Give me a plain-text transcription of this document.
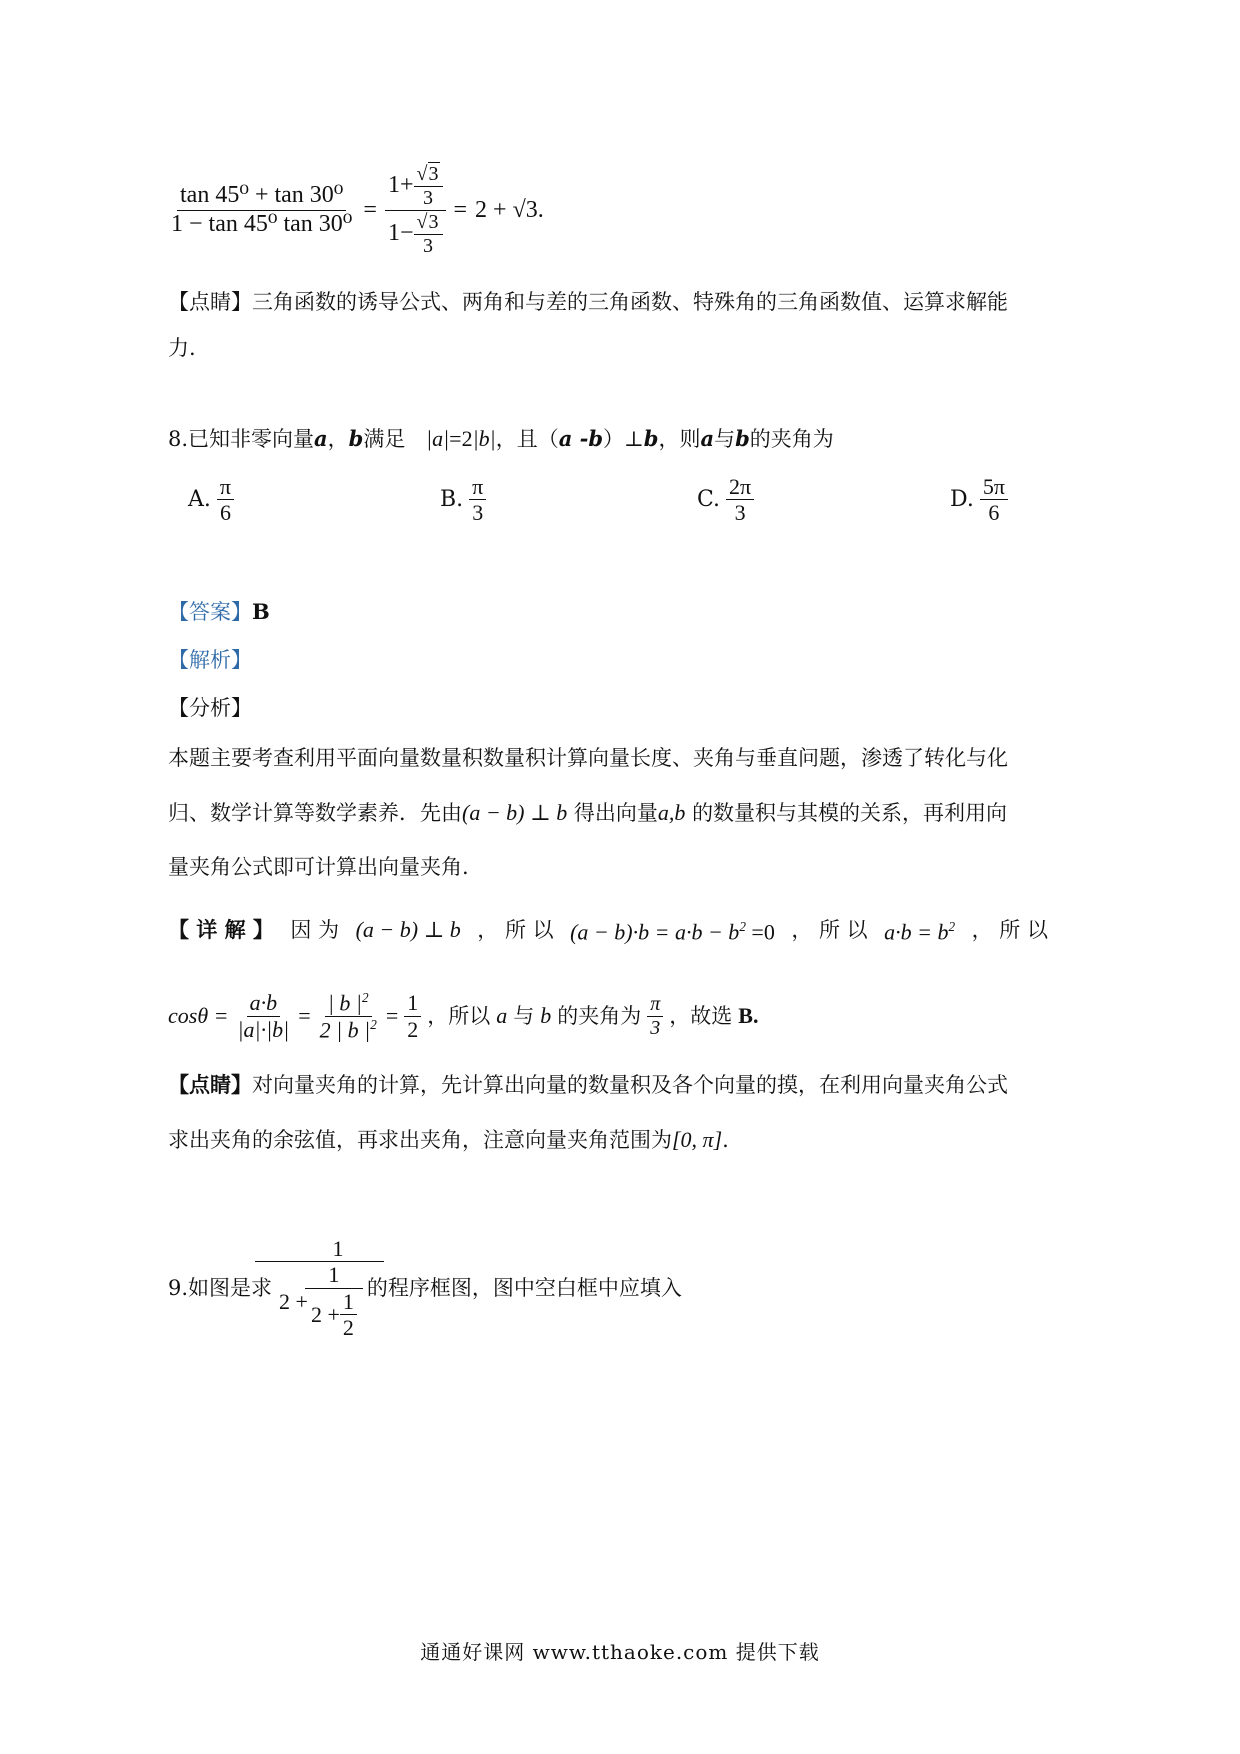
$\frac{\text{tan 45⁰ + tan 30⁰}}{\text{1 − tan 45⁰ tan 30⁰}} = \frac{1 + \frac{√3}{3}}{1 - \frac{√3}{3}} = 2 + √3$.
【点睛】三角函数的诱导公式、两角和与差的三角函数、特殊角的三角函数值、运算求解能
力.
8.已知非零向量a，b满足 |a|=2|b|，且（a -b）⊥b，则a与b的夹角为
A. $\frac{\pi}{6}$	B. $\frac{\pi}{3}$	C. $\frac{2\pi}{3}$	D. $\frac{5\pi}{6}$
【答案】B
【解析】
【分析】
本题主要考查利用平面向量数量积数量积计算向量长度、夹角与垂直问题，渗透了转化与化
归、数学计算等数学素养．先由(a − b) ⊥ b 得出向量a,b 的数量积与其模的关系，再利用向
量夹角公式即可计算出向量夹角.
【 详 解 】 因 为 (a − b) ⊥ b ， 所 以 $(a - b)\cdot b = a\cdot b - b^2 =0$ ， 所 以 $a\cdot b = b^2$ ， 所 以
$\cos\theta = \frac{a\cdot b}{|a|\cdot|b|} = \frac{| b |^2}{2 | b |^2} = \frac{1}{2}$ ，所以 a 与 b 的夹角为 $\frac{\pi}{3}$ ，故选 B.
【点睛】对向量夹角的计算，先计算出向量的数量积及各个向量的摸，在利用向量夹角公式
求出夹角的余弦值，再求出夹角，注意向量夹角范围为[0, π].
9.如图是求 $\frac{1}{2 + \frac{1}{2 + \frac{1}{2}}}$ 的程序框图，图中空白框中应填入
通通好课网 www.tthaoke.com 提供下载
